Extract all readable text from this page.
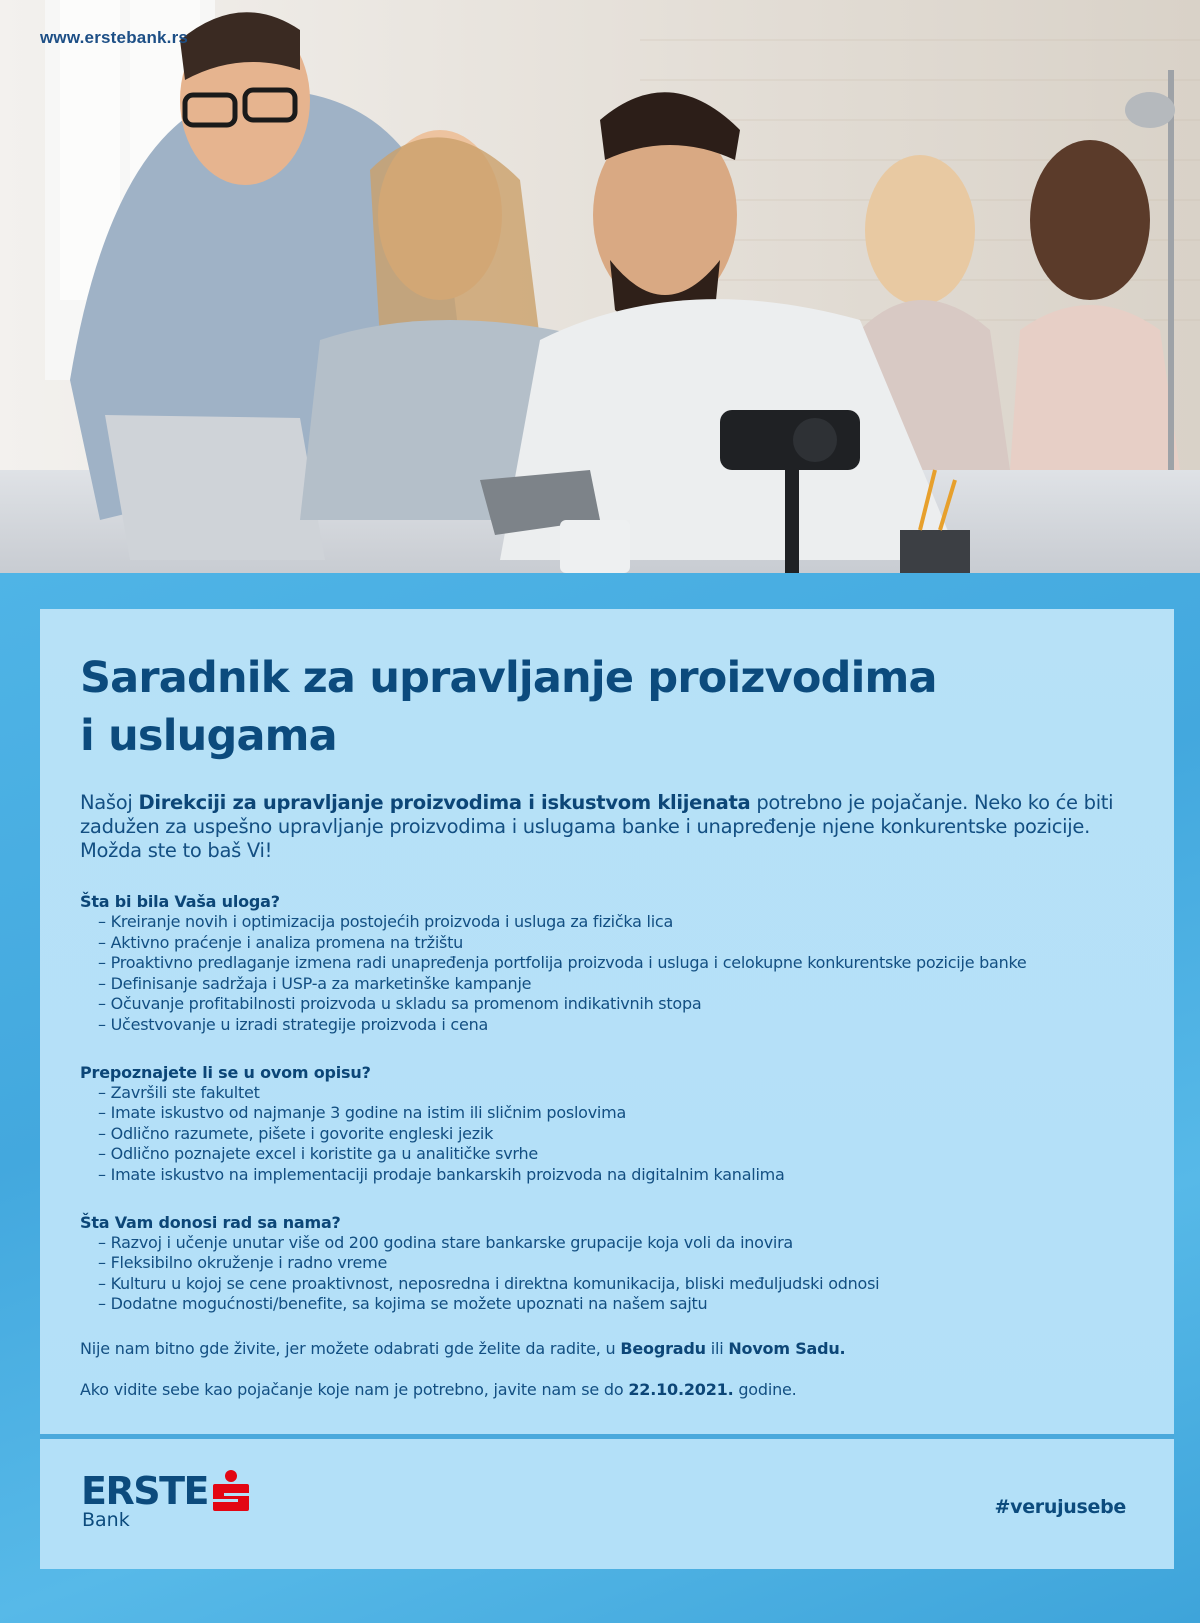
www.erstebank.rs
Saradnik za upravljanje proizvodima
i uslugama

Našoj Direkciji za upravljanje proizvodima i iskustvom klijenata potrebno je pojačanje. Neko ko će biti zadužen za uspešno upravljanje proizvodima i uslugama banke i unapređenje njene konkurentske pozicije. Možda ste to baš Vi!

Šta bi bila Vaša uloga?
– Kreiranje novih i optimizacija postojećih proizvoda i usluga za fizička lica
– Aktivno praćenje i analiza promena na tržištu
– Proaktivno predlaganje izmena radi unapređenja portfolija proizvoda i usluga i celokupne konkurentske pozicije banke
– Definisanje sadržaja i USP-a za marketinške kampanje
– Očuvanje profitabilnosti proizvoda u skladu sa promenom indikativnih stopa
– Učestvovanje u izradi strategije proizvoda i cena
Prepoznajete li se u ovom opisu?
– Završili ste fakultet
– Imate iskustvo od najmanje 3 godine na istim ili sličnim poslovima
– Odlično razumete, pišete i govorite engleski jezik
– Odlično poznajete excel i koristite ga u analitičke svrhe
– Imate iskustvo na implementaciji prodaje bankarskih proizvoda na digitalnim kanalima
Šta Vam donosi rad sa nama?
– Razvoj i učenje unutar više od 200 godina stare bankarske grupacije koja voli da inovira
– Fleksibilno okruženje i radno vreme
– Kulturu u kojoj se cene proaktivnost, neposredna i direktna komunikacija, bliski međuljudski odnosi
– Dodatne mogućnosti/benefite, sa kojima se možete upoznati na našem sajtu

Nije nam bitno gde živite, jer možete odabrati gde želite da radite, u Beogradu ili Novom Sadu.

Ako vidite sebe kao pojačanje koje nam je potrebno, javite nam se do 22.10.2021. godine.

ERSTE
Bank
#verujusebe
